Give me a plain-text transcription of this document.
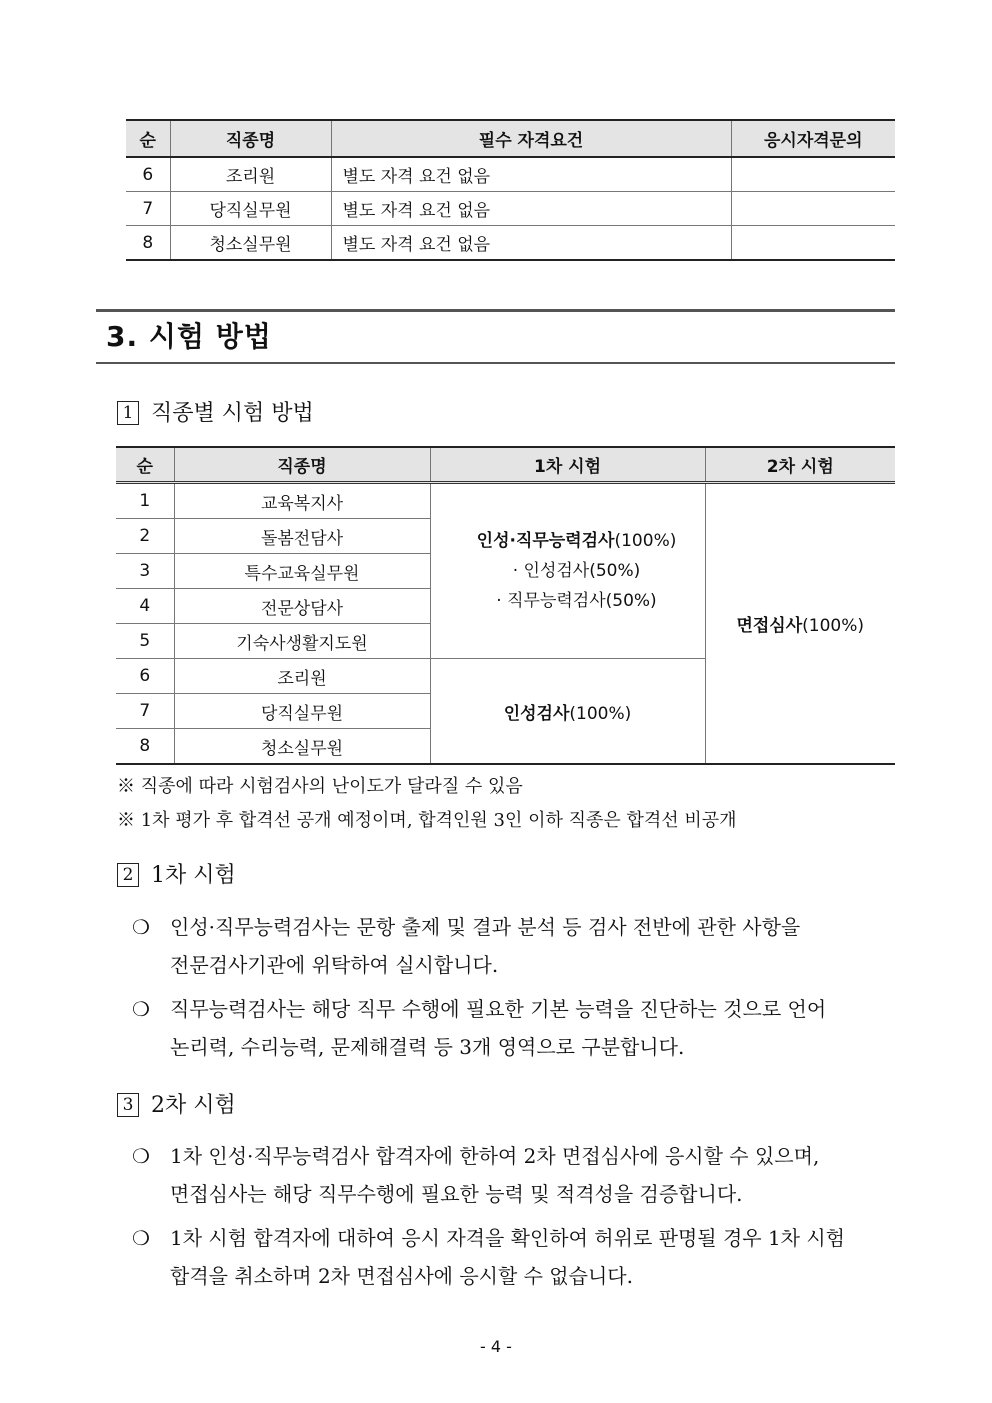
순	직종명	필수 자격요건	응시자격문의
6	조리원	별도 자격 요건 없음	
7	당직실무원	별도 자격 요건 없음	
8	청소실무원	별도 자격 요건 없음	
3. 시험 방법
1 직종별 시험 방법
순	직종명	1차 시험	2차 시험
1	교육복지사	인성·직무능력검사(100%)
· 인성검사(50%)
· 직무능력검사(50%)	면접심사(100%)
2	돌봄전담사		
3	특수교육실무원		
4	전문상담사		
5	기숙사생활지도원		
6	조리원	인성검사(100%)	
7	당직실무원		
8	청소실무원		
※ 직종에 따라 시험검사의 난이도가 달라질 수 있음
※ 1차 평가 후 합격선 공개 예정이며, 합격인원 3인 이하 직종은 합격선 비공개
2 1차 시험
❍ 인성·직무능력검사는 문항 출제 및 결과 분석 등 검사 전반에 관한 사항을
전문검사기관에 위탁하여 실시합니다.
❍ 직무능력검사는 해당 직무 수행에 필요한 기본 능력을 진단하는 것으로 언어
논리력, 수리능력, 문제해결력 등 3개 영역으로 구분합니다.
3 2차 시험
❍ 1차 인성·직무능력검사 합격자에 한하여 2차 면접심사에 응시할 수 있으며,
면접심사는 해당 직무수행에 필요한 능력 및 적격성을 검증합니다.
❍ 1차 시험 합격자에 대하여 응시 자격을 확인하여 허위로 판명될 경우 1차 시험
합격을 취소하며 2차 면접심사에 응시할 수 없습니다.
- 4 -
